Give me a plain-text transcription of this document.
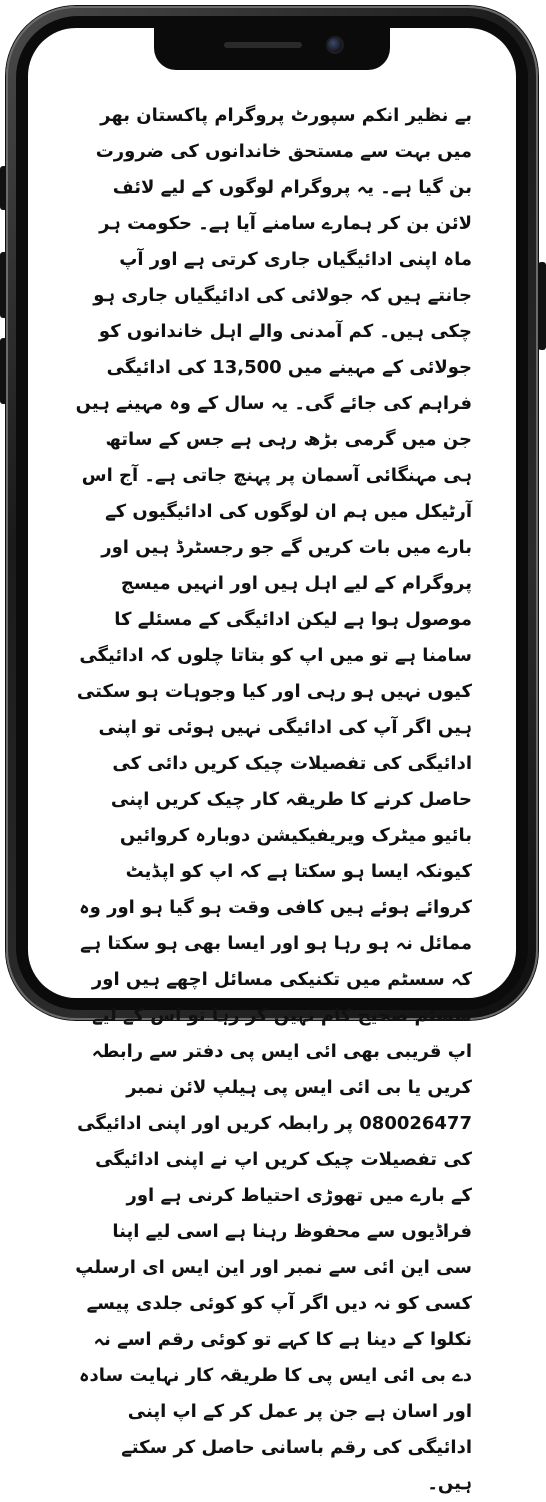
بے نظیر انکم سپورٹ پروگرام پاکستان بھر میں بہت سے مستحق خاندانوں کی ضرورت بن گیا ہے۔ یہ پروگرام لوگوں کے لیے لائف لائن بن کر ہمارے سامنے آیا ہے۔ حکومت ہر ماہ اپنی ادائیگیاں جاری کرتی ہے اور آپ جانتے ہیں کہ جولائی کی ادائیگیاں جاری ہو چکی ہیں۔ کم آمدنی والے اہل خاندانوں کو جولائی کے مہینے میں 13,500 کی ادائیگی فراہم کی جائے گی۔ یہ سال کے وہ مہینے ہیں جن میں گرمی بڑھ رہی ہے جس کے ساتھ ہی مہنگائی آسمان پر پہنچ جاتی ہے۔ آج اس آرٹیکل میں ہم ان لوگوں کی ادائیگیوں کے بارے میں بات کریں گے جو رجسٹرڈ ہیں اور پروگرام کے لیے اہل ہیں اور انہیں میسج موصول ہوا ہے لیکن ادائیگی کے مسئلے کا سامنا ہے تو میں اپ کو بتاتا چلوں کہ ادائیگی کیوں نہیں ہو رہی اور کیا وجوہات ہو سکتی ہیں اگر آپ کی ادائیگی نہیں ہوئی تو اپنی ادائیگی کی تفصیلات چیک کریں دائی کی حاصل کرنے کا طریقہ کار چیک کریں اپنی بائیو میٹرک ویریفیکیشن دوبارہ کروائیں کیونکہ ایسا ہو سکتا ہے کہ اپ کو اپڈیٹ کروائے ہوئے ہیں کافی وقت ہو گیا ہو اور وہ ممائل نہ ہو رہا ہو اور ایسا بھی ہو سکتا ہے کہ سسٹم میں تکنیکی مسائل اچھے ہیں اور سسٹم صحیح کام نہیں کر رہا تو اس کے لیے اپ قریبی بھی ائی ایس پی دفتر سے رابطہ کریں یا بی ائی ایس پی ہیلپ لائن نمبر 080026477 پر رابطہ کریں اور اپنی ادائیگی کی تفصیلات چیک کریں اپ نے اپنی ادائیگی کے بارے میں تھوڑی احتیاط کرنی ہے اور فراڈیوں سے محفوظ رہنا ہے اسی لیے اپنا سی این ائی سے نمبر اور این ایس ای ارسلپ کسی کو نہ دیں اگر آپ کو کوئی جلدی پیسے نکلوا کے دینا ہے کا کہے تو کوئی رقم اسے نہ دے بی ائی ایس پی کا طریقہ کار نہایت سادہ اور اسان ہے جن پر عمل کر کے اپ اپنی ادائیگی کی رقم باسانی حاصل کر سکتے ہیں۔
